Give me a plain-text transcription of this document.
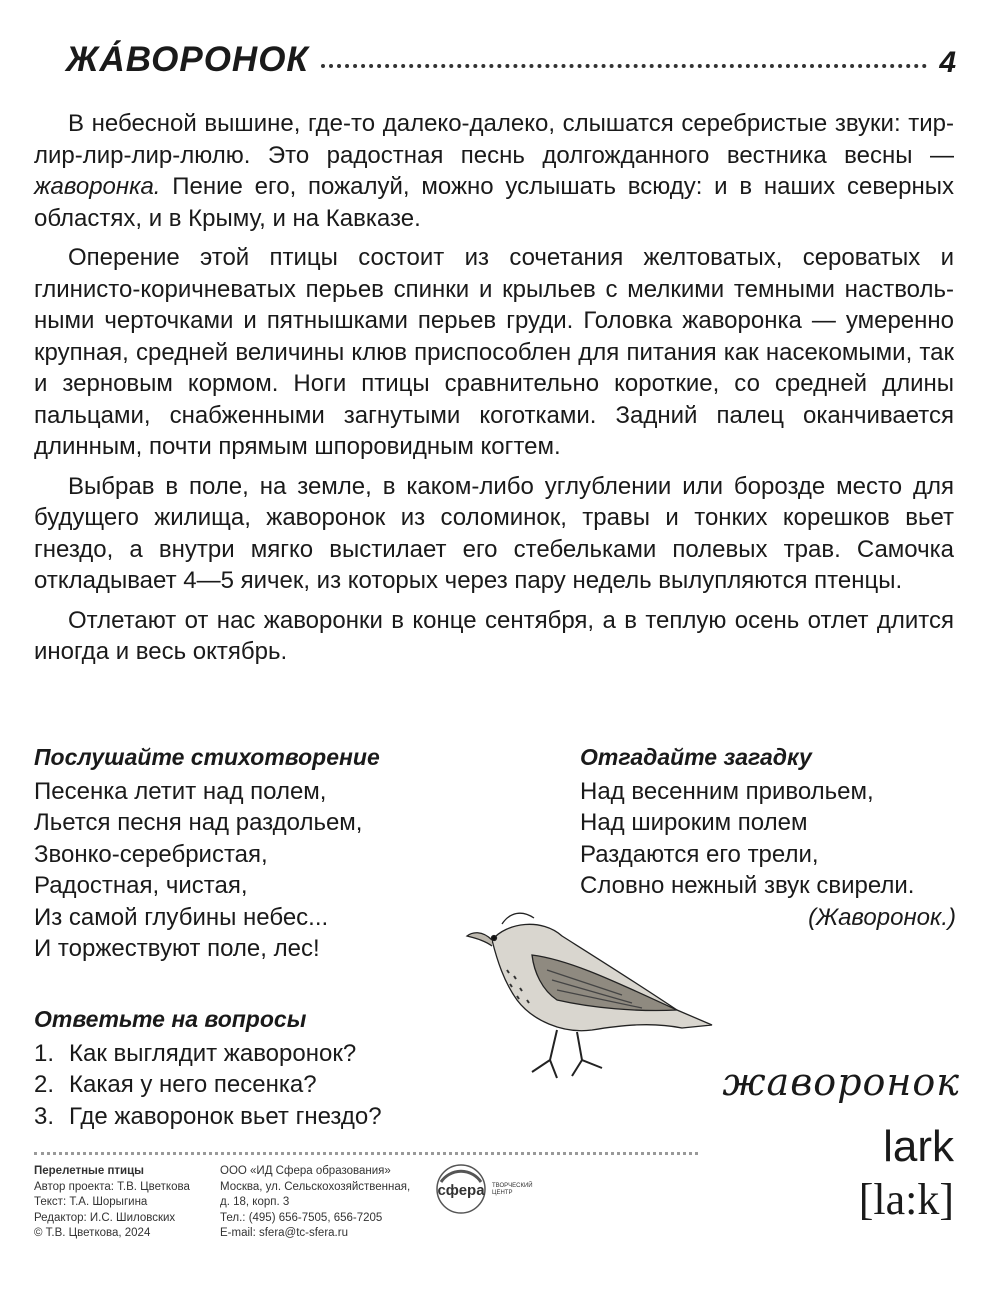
ЖА́ВОРОНОК	4

В небесной вышине, где-то далеко-далеко, слышатся серебристые звуки: тир-лир-лир-лир-люлю. Это радостная песнь долгожданного вестника весны — жаворонка. Пение его, пожалуй, можно услышать всюду: и в наших северных областях, и в Крыму, и на Кавказе.

Оперение этой птицы состоит из сочетания желтоватых, сероватых и глинисто-коричневатых перьев спинки и крыльев с мелкими темными наствольными черточками и пятнышками перьев груди. Головка жаворонка — умеренно крупная, средней величины клюв приспособлен для питания как насекомыми, так и зерновым кормом. Ноги птицы сравнительно короткие, со средней длины пальцами, снабженными загнутыми коготками. Задний палец оканчивается длинным, почти прямым шпоровидным когтем.

Выбрав в поле, на земле, в каком-либо углублении или борозде место для будущего жилища, жаворонок из соломинок, травы и тонких корешков вьет гнездо, а внутри мягко выстилает его стебельками полевых трав. Самочка откладывает 4—5 яичек, из которых через пару недель вылупляются птенцы.

Отлетают от нас жаворонки в конце сентября, а в теплую осень отлет длится иногда и весь октябрь.

Послушайте стихотворение
Песенка летит над полем,
Льется песня над раздольем,
Звонко-серебристая,
Радостная, чистая,
Из самой глубины небес...
И торжествуют поле, лес!
Отгадайте загадку
Над весенним привольем,
Над широким полем
Раздаются его трели,
Словно нежный звук свирели.
(Жаворонок.)
Ответьте на вопросы
1. Как выглядит жаворонок?
2. Какая у него песенка?
3. Где жаворонок вьет гнездо?
жаворонок
lark
[la:k]
Перелетные птицы
Автор проекта: Т.В. Цветкова
Текст: Т.А. Шорыгина
Редактор: И.С. Шиловских
© Т.В. Цветкова, 2024
ООО «ИД Сфера образования»
Москва, ул. Сельскохозяйственная,
д. 18, корп. 3
Тел.: (495) 656-7505, 656-7205
E-mail: sfera@tc-sfera.ru
сфера ТВОРЧЕСКИЙ
ЦЕНТР
